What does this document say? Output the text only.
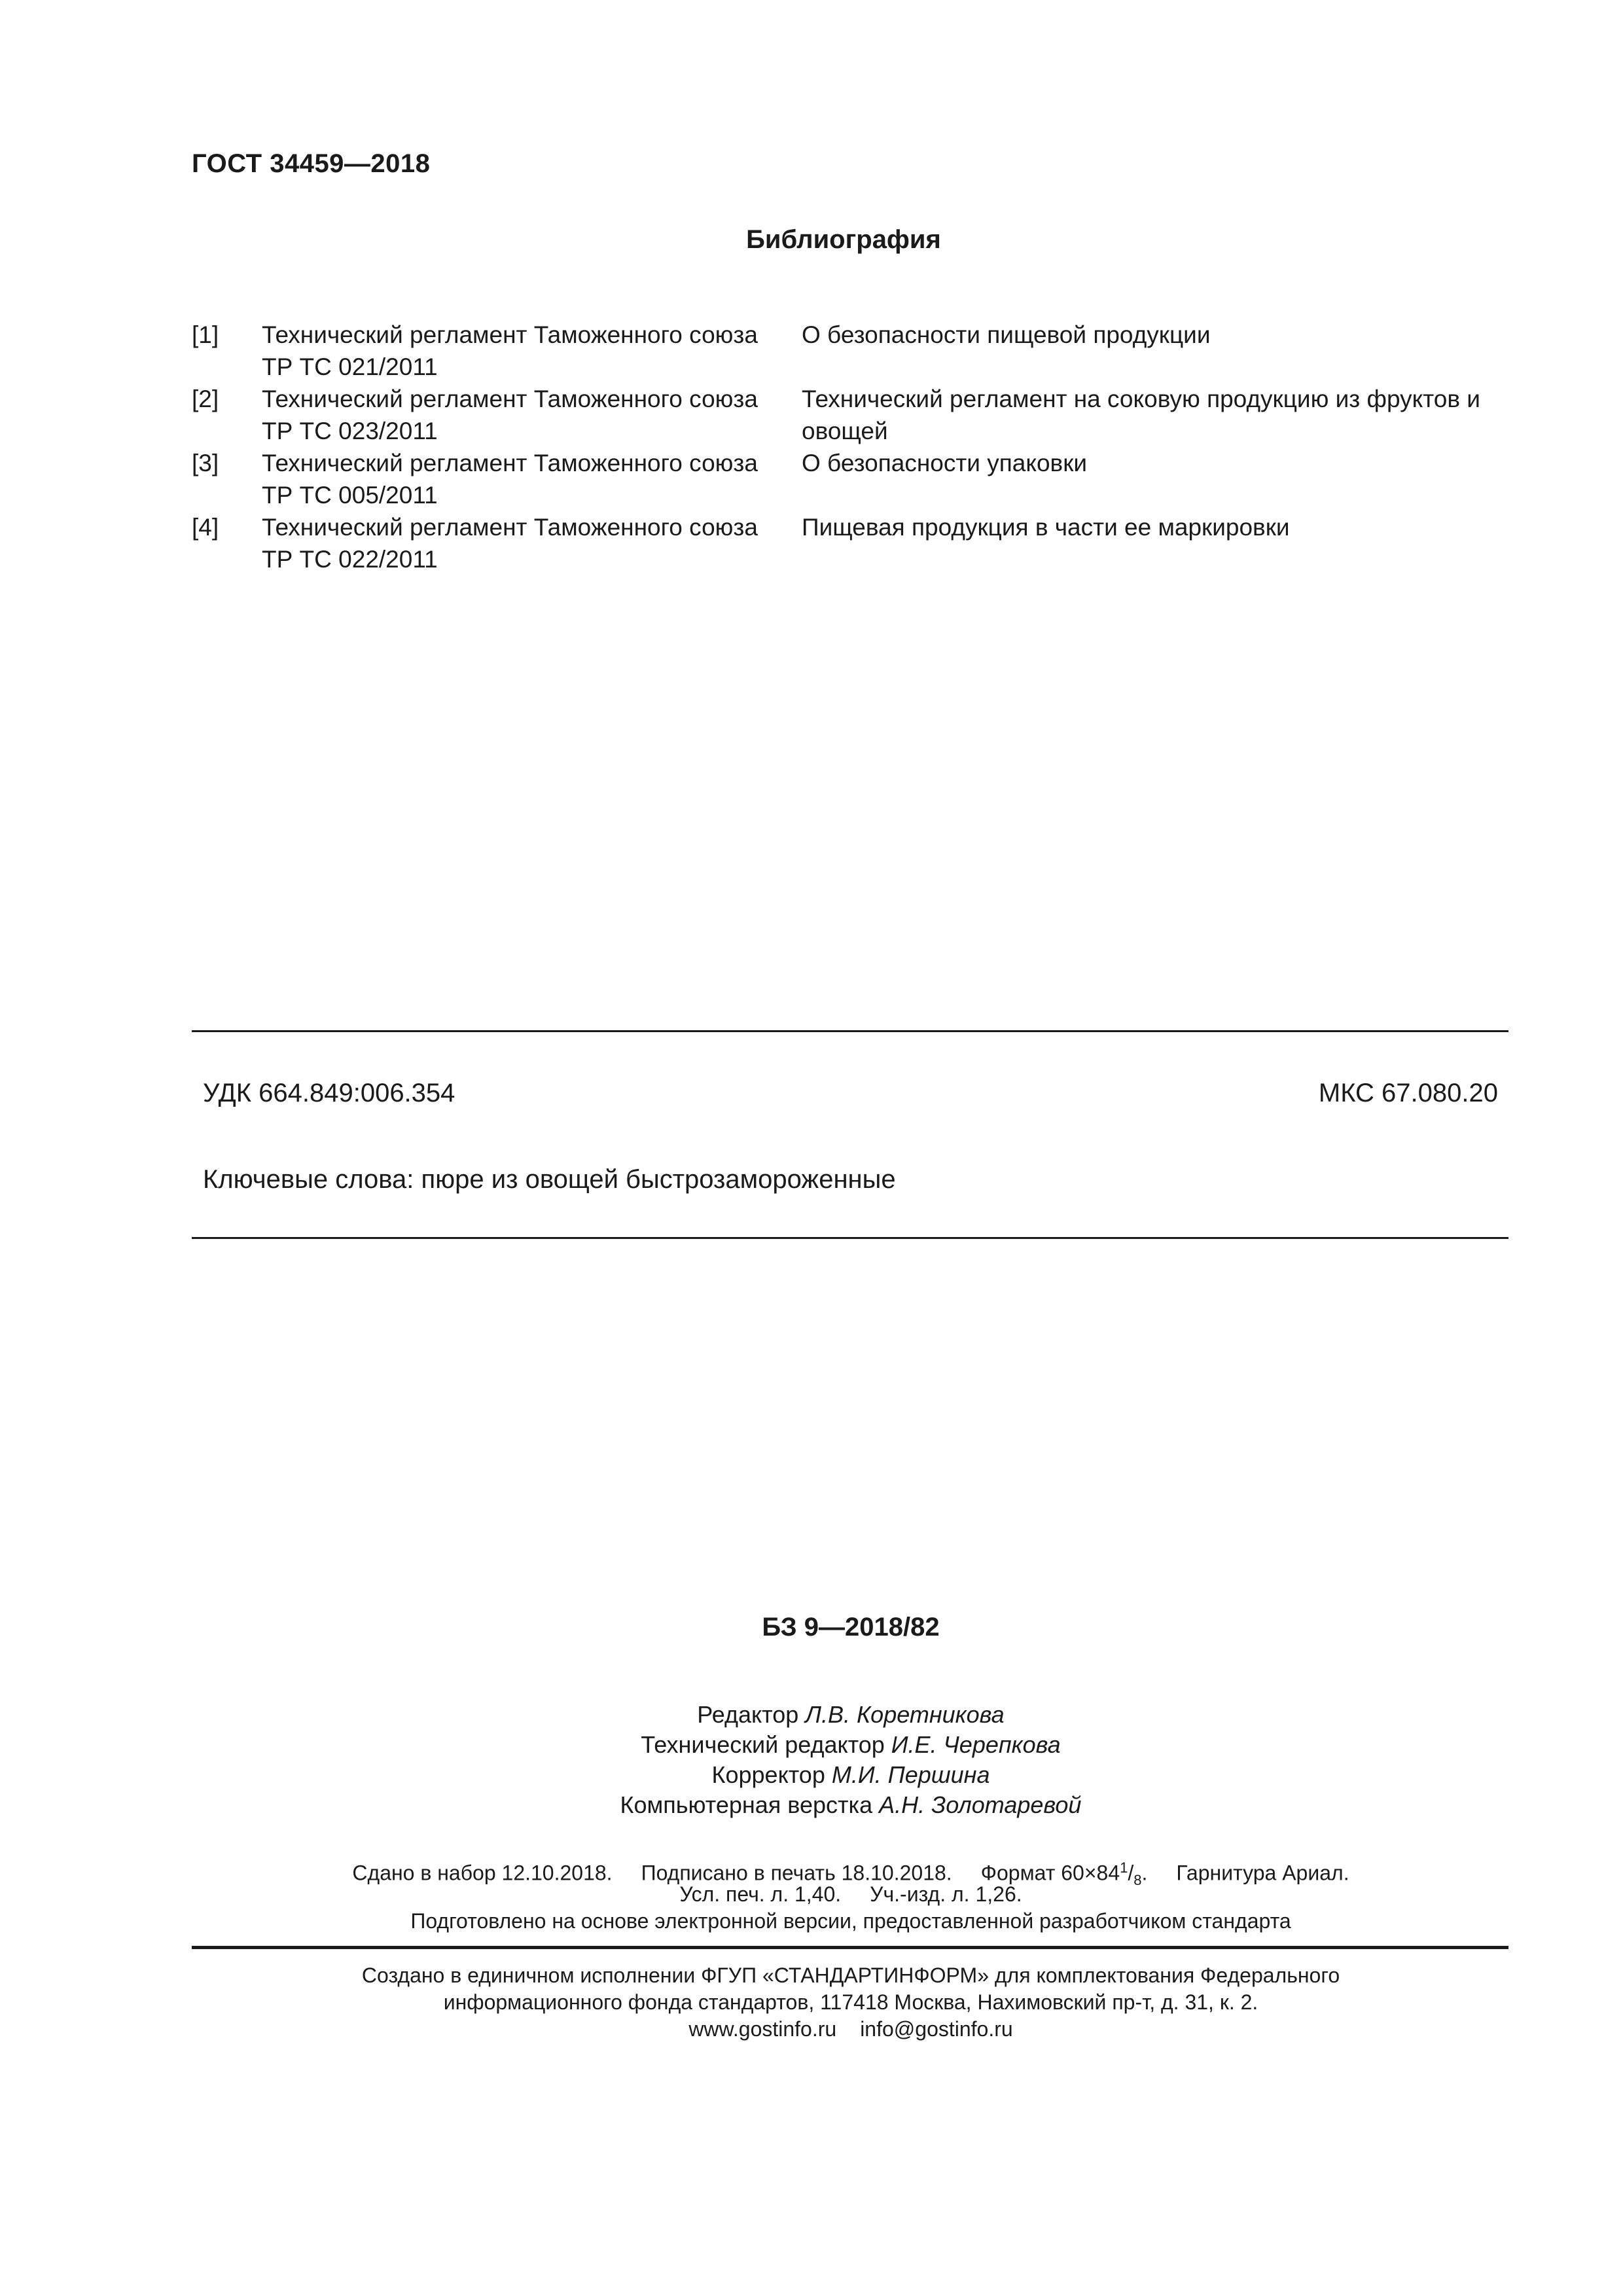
ГОСТ 34459—2018
Библиография
[1] Технический регламент Таможенного союза
ТР ТС 021/2011
О безопасности пищевой продукции
[2] Технический регламент Таможенного союза
ТР ТС 023/2011
Технический регламент на соковую продукцию из фруктов и овощей
[3] Технический регламент Таможенного союза
ТР ТС 005/2011
О безопасности упаковки
[4] Технический регламент Таможенного союза
ТР ТС 022/2011
Пищевая продукция в части ее маркировки
УДК 664.849:006.354	МКС 67.080.20
Ключевые слова: пюре из овощей быстрозамороженные
БЗ 9—2018/82
Редактор Л.В. Коретникова
Технический редактор И.Е. Черепкова
Корректор М.И. Першина
Компьютерная верстка А.Н. Золотаревой
Сдано в набор 12.10.2018. Подписано в печать 18.10.2018. Формат $60\times 84^1/_8$. Гарнитура Ариал.
Усл. печ. л. 1,40. Уч.-изд. л. 1,26.
Подготовлено на основе электронной версии, предоставленной разработчиком стандарта
Создано в единичном исполнении ФГУП «СТАНДАРТИНФОРМ» для комплектования Федерального
информационного фонда стандартов, 117418 Москва, Нахимовский пр-т, д. 31, к. 2.
www.gostinfo.ru info@gostinfo.ru
